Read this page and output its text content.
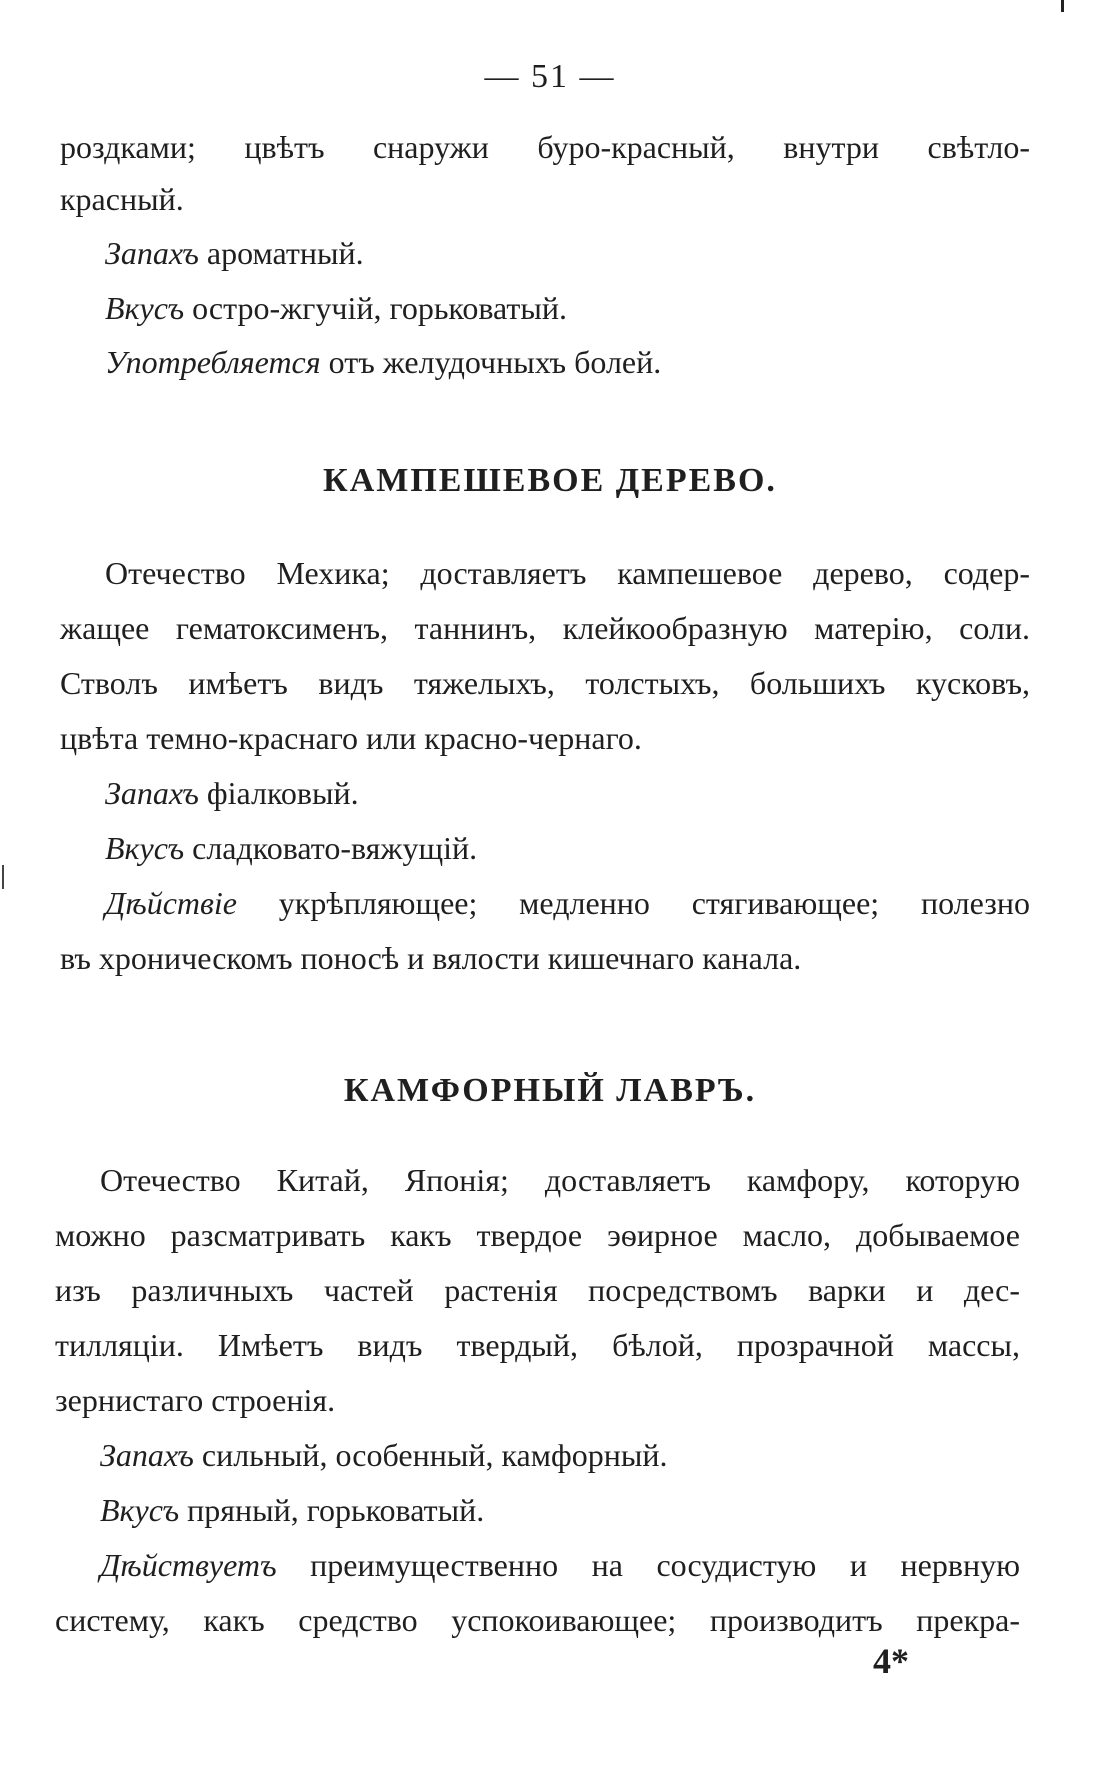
— 51 —
роздками; цвѣтъ снаружи буро-красный, внутри свѣтло-
красный.
Запахъ ароматный.
Вкусъ остро-жгучій, горьковатый.
Употребляется отъ желудочныхъ болей.
КАМПЕШЕВОЕ ДЕРЕВО.
Отечество Мехика; доставляетъ кампешевое дерево, содер-
жащее гематоксименъ, таннинъ, клейкообразную матерію, соли.
Стволъ имѣетъ видъ тяжелыхъ, толстыхъ, большихъ кусковъ,
цвѣта темно-краснаго или красно-чернаго.
Запахъ фіалковый.
Вкусъ сладковато-вяжущій.
Дѣйствіе укрѣпляющее; медленно стягивающее; полезно
въ хроническомъ поносѣ и вялости кишечнаго канала.
КАМФОРНЫЙ ЛАВРЪ.
Отечество Китай, Японія; доставляетъ камфору, которую
можно разсматривать какъ твердое эѳирное масло, добываемое
изъ различныхъ частей растенія посредствомъ варки и дес-
тилляціи. Имѣетъ видъ твердый, бѣлой, прозрачной массы,
зернистаго строенія.
Запахъ сильный, особенный, камфорный.
Вкусъ пряный, горьковатый.
Дѣйствуетъ преимущественно на сосудистую и нервную
систему, какъ средство успокоивающее; производитъ прекра-
4*
